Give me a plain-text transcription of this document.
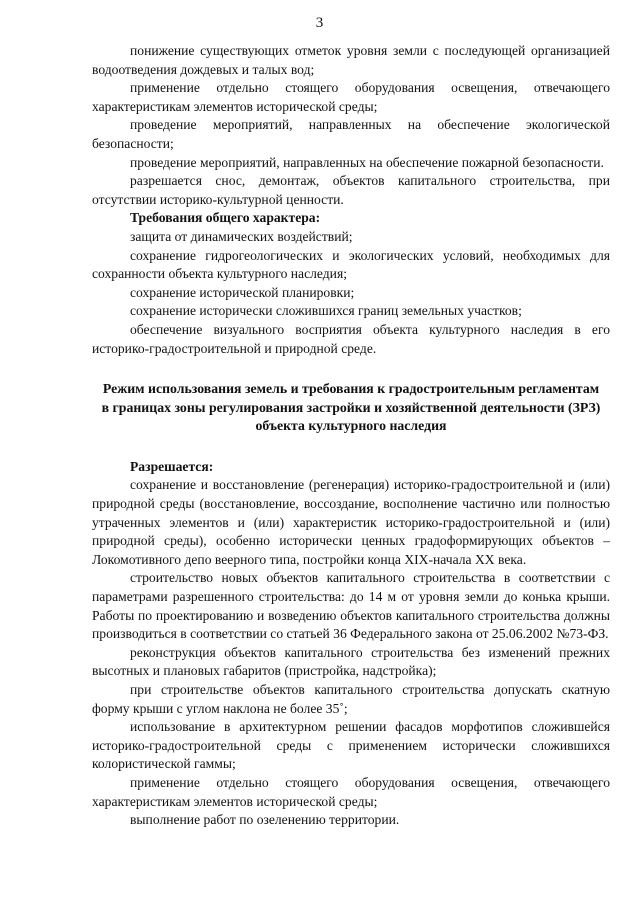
3

понижение существующих отметок уровня земли с последующей организацией водоотведения дождевых и талых вод;

применение отдельно стоящего оборудования освещения, отвечающего характеристикам элементов исторической среды;

проведение мероприятий, направленных на обеспечение экологической безопасности;

проведение мероприятий, направленных на обеспечение пожарной безопасности.

разрешается снос, демонтаж, объектов капитального строительства, при отсутствии историко-культурной ценности.

Требования общего характера:

защита от динамических воздействий;

сохранение гидрогеологических и экологических условий, необходимых для сохранности объекта культурного наследия;

сохранение исторической планировки;

сохранение исторически сложившихся границ земельных участков;

обеспечение визуального восприятия объекта культурного наследия в его историко-градостроительной и природной среде.

Режим использования земель и требования к градостроительным регламентам в границах зоны регулирования застройки и хозяйственной деятельности (ЗРЗ) объекта культурного наследия

Разрешается:

сохранение и восстановление (регенерация) историко-градостроительной и (или) природной среды (восстановление, воссоздание, восполнение частично или полностью утраченных элементов и (или) характеристик историко-градостроительной и (или) природной среды), особенно исторически ценных градоформирующих объектов – Локомотивного депо веерного типа, постройки конца XIX-начала XX века.

строительство новых объектов капитального строительства в соответствии с параметрами разрешенного строительства: до 14 м от уровня земли до конька крыши. Работы по проектированию и возведению объектов капитального строительства должны производиться в соответствии со статьей 36 Федерального закона от 25.06.2002 №73-ФЗ.

реконструкция объектов капитального строительства без изменений прежних высотных и плановых габаритов (пристройка, надстройка);

при строительстве объектов капитального строительства допускать скатную форму крыши с углом наклона не более 35˚;

использование в архитектурном решении фасадов морфотипов сложившейся историко-градостроительной среды с применением исторически сложившихся колористической гаммы;

применение отдельно стоящего оборудования освещения, отвечающего характеристикам элементов исторической среды;

выполнение работ по озеленению территории.
